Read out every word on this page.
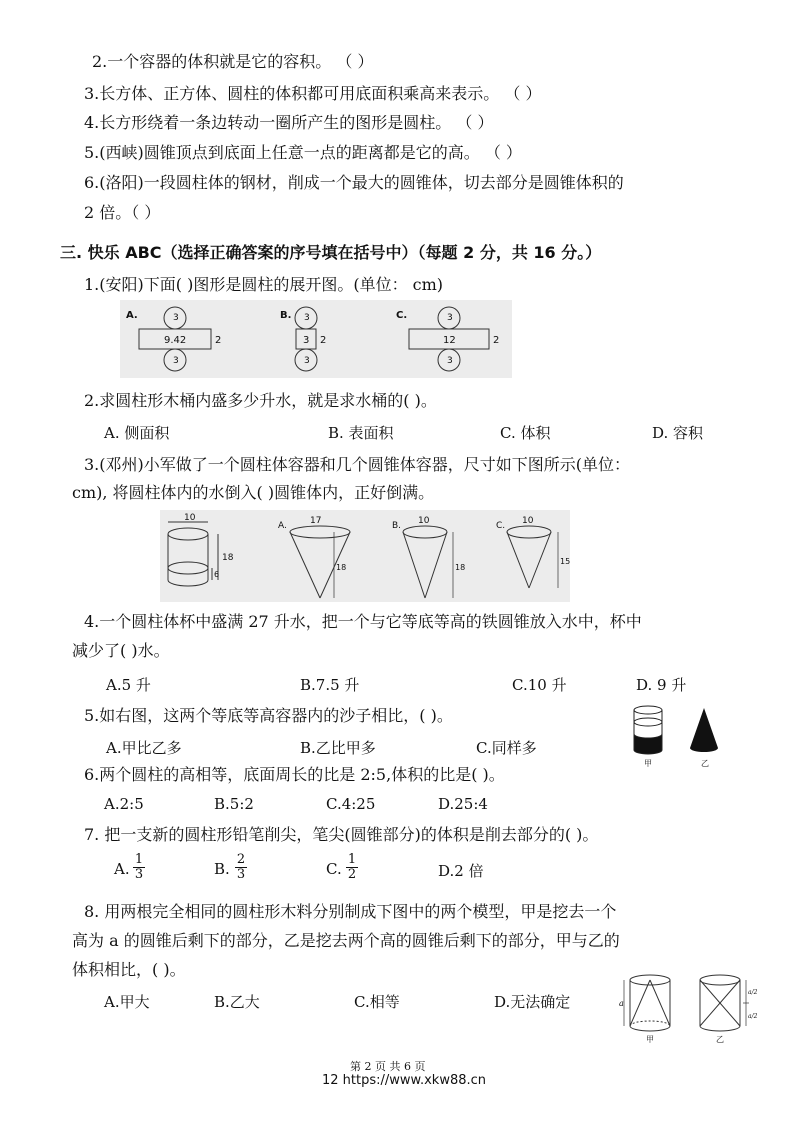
2.一个容器的体积就是它的容积。 （ ）
3.长方体、正方体、圆柱的体积都可用底面积乘高来表示。 （ ）
4.长方形绕着一条边转动一圈所产生的图形是圆柱。 （ ）
5.(西峡)圆锥顶点到底面上任意一点的距离都是它的高。 （ ）
6.(洛阳)一段圆柱体的钢材，削成一个最大的圆锥体，切去部分是圆锥体积的
2 倍。（ ）
三. 快乐 ABC（选择正确答案的序号填在括号中）（每题 2 分，共 16 分。）
1.(安阳)下面( )图形是圆柱的展开图。(单位： cm)
A.	3
9.42	2
3
B. 3
3 2
3
C.	3
12	2
3
2.求圆柱形木桶内盛多少升水，就是求水桶的( )。
A. 侧面积	B. 表面积	C. 体积	D. 容积
3.(邓州)小军做了一个圆柱体容器和几个圆锥体容器，尺寸如下图所示(单位：
cm), 将圆柱体内的水倒入( )圆锥体内，正好倒满。
10
18
6
A.	17
18
B. 10
18
C. 10
15
4.一个圆柱体杯中盛满 27 升水，把一个与它等底等高的铁圆锥放入水中，杯中
减少了( )水。
A.5 升	B.7.5 升	C.10 升	D. 9 升
5.如右图，这两个等底等高容器内的沙子相比，( )。
A.甲比乙多	B.乙比甲多	C.同样多
甲	乙
6.两个圆柱的高相等，底面周长的比是 2:5,体积的比是( )。
A.2:5	B.5:2	C.4:25	D.25:4
7. 把一支新的圆柱形铅笔削尖，笔尖(圆锥部分)的体积是削去部分的( )。
A. $\frac{1}{3}$	B. $\frac{2}{3}$	C. $\frac{1}{2}$	D.2 倍
8. 用两根完全相同的圆柱形木料分别制成下图中的两个模型，甲是挖去一个
高为 a 的圆锥后剩下的部分，乙是挖去两个高的圆锥后剩下的部分，甲与乙的
体积相比，( )。
A.甲大	B.乙大	C.相等	D.无法确定	a
甲
a/2
a/2
乙
第 2 页 共 6 页
12 https://www.xkw88.cn
